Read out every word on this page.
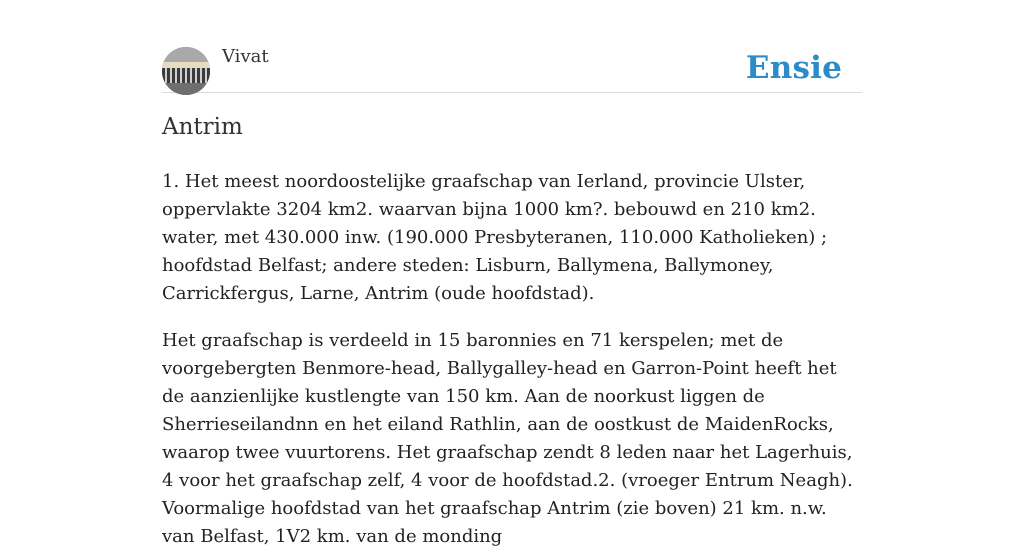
Vivat	Ensie
Antrim

1. Het meest noordoostelijke graafschap van Ierland, provincie Ulster, oppervlakte 3204 km2. waarvan bijna 1000 km?. bebouwd en 210 km2. water, met 430.000 inw. (190.000 Presbyteranen, 110.000 Katholieken) ; hoofdstad Belfast; andere steden: Lisburn, Ballymena, Ballymoney, Carrickfergus, Larne, Antrim (oude hoofdstad).

Het graafschap is verdeeld in 15 baronnies en 71 kerspelen; met de voorgebergten Benmore-head, Ballygalley-head en Garron-Point heeft het de aanzienlijke kustlengte van 150 km. Aan de noorkust liggen de Sherrieseilandnn en het eiland Rathlin, aan de oostkust de MaidenRocks, waarop twee vuurtorens. Het graafschap zendt 8 leden naar het Lagerhuis, 4 voor het graafschap zelf, 4 voor de hoofdstad.2. (vroeger Entrum Neagh). Voormalige hoofdstad van het graafschap Antrim (zie boven) 21 km. n.w. van Belfast, 1V2 km. van de monding
